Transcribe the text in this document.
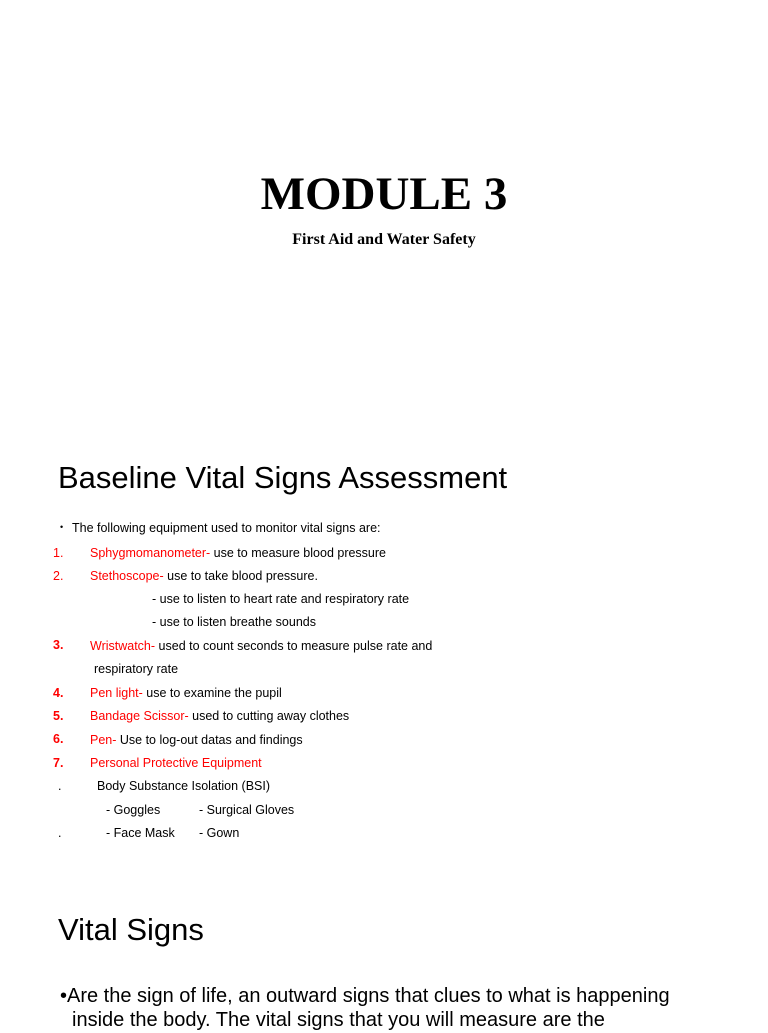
MODULE 3
First Aid and Water Safety
Baseline Vital Signs Assessment
• The following equipment used to monitor vital signs are:
1. Sphygmomanometer- use to measure blood pressure
2. Stethoscope- use to take blood pressure.
- use to listen to heart rate and respiratory rate
- use to listen breathe sounds
3. Wristwatch- used to count seconds to measure pulse rate and
respiratory rate
4. Pen light- use to examine the pupil
5. Bandage Scissor- used to cutting away clothes
6. Pen- Use to log-out datas and findings
7. Personal Protective Equipment
.	Body Substance Isolation (BSI)
- Goggles	- Surgical Gloves
.	- Face Mask - Gown
Vital Signs
•Are the sign of life, an outward signs that clues to what is happening
inside the body. The vital signs that you will measure are the
